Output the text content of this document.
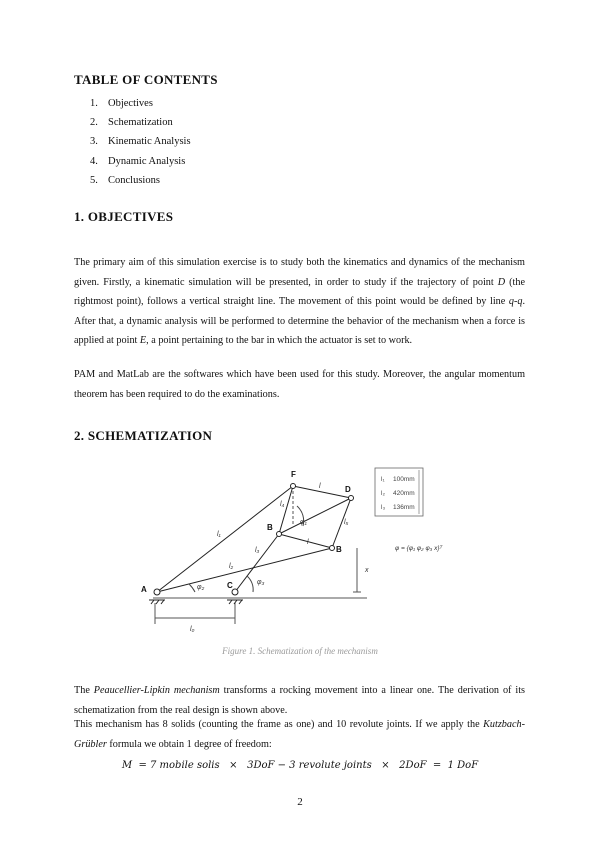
TABLE OF CONTENTS
1. Objectives
2. Schematization
3. Kinematic Analysis
4. Dynamic Analysis
5. Conclusions
1. OBJECTIVES

The primary aim of this simulation exercise is to study both the kinematics and dynamics of the mechanism given. Firstly, a kinematic simulation will be presented, in order to study if the trajectory of point D (the rightmost point), follows a vertical straight line. The movement of this point would be defined by line q-q. After that, a dynamic analysis will be performed to determine the behavior of the mechanism when a force is applied at point E, a point pertaining to the bar in which the actuator is set to work.

PAM and MatLab are the softwares which have been used for this study. Moreover, the angular momentum theorem has been required to do the examinations.

2. SCHEMATIZATION
F
D
B
B
C
A
l₁
l₂
l₃
l₄
l₅
l
l
l₀
φ₁
φ₂
φ₃
x
φ = {φ₁ φ₂ φ₃ x}ᵀ
l₁ 100mm
l₂ 420mm
l₃ 136mm
Figure 1. Schematization of the mechanism

The Peaucellier-Lipkin mechanism transforms a rocking movement into a linear one. The derivation of its schematization from the real design is shown above.

This mechanism has 8 solids (counting the frame as one) and 10 revolute joints. If we apply the Kutzbach-Grübler formula we obtain 1 degree of freedom:

M  = 7 mobile solis   ×   3DoF − 3 revolute joints   ×   2DoF  =  1 DoF
2
